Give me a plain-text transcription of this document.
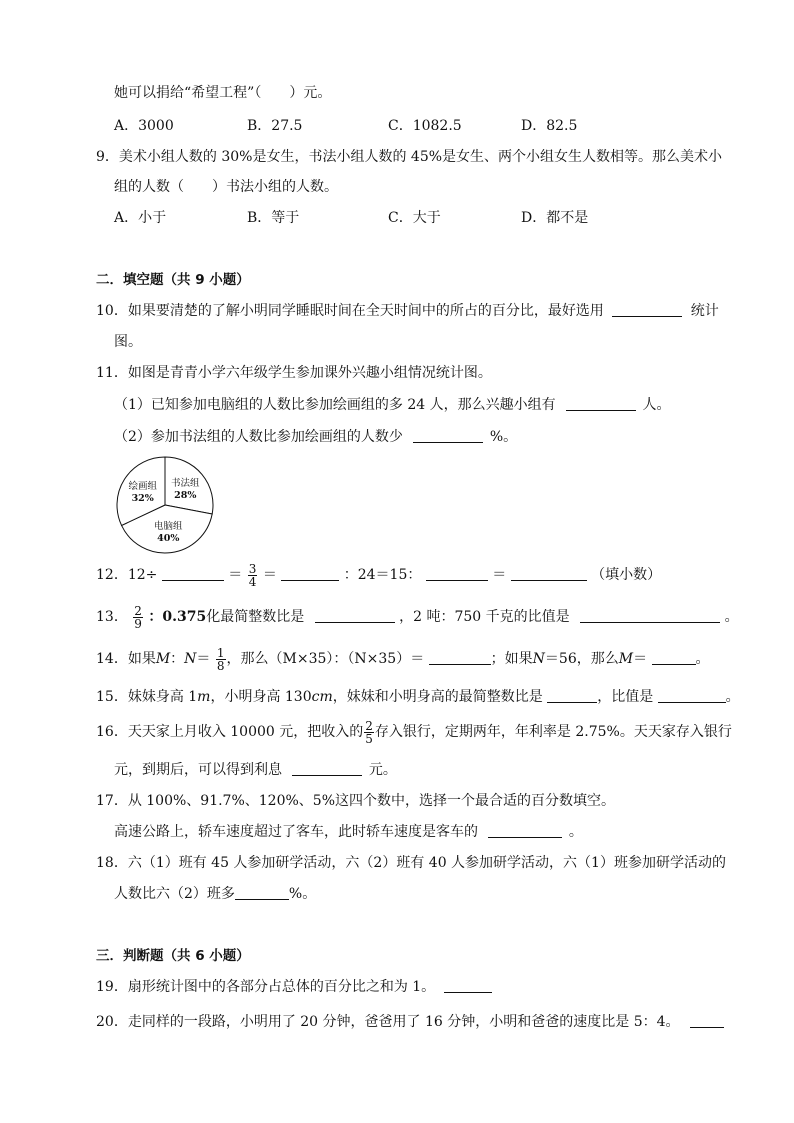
她可以捐给“希望工程”（　　）元。
A．3000	B．27.5	C．1082.5	D．82.5
9．美术小组人数的 30%是女生，书法小组人数的 45%是女生、两个小组女生人数相等。那么美术小
组的人数（　　）书法小组的人数。
A．小于	B．等于	C．大于	D．都不是
二．填空题（共 9 小题）
10．如果要清楚的了解小明同学睡眠时间在全天时间中的所占的百分比，最好选用	统计
图。
11．如图是青青小学六年级学生参加课外兴趣小组情况统计图。
（1）已知参加电脑组的人数比参加绘画组的多 24 人，那么兴趣小组有	人。
（2）参加书法组的人数比参加绘画组的人数少	%。
书法组
28%
电脑组
40%
绘画组
32%
12．12÷	＝ $\frac{3}{4}$ ＝	：24＝15：	＝	（填小数）
13． $\frac{2}{9}$ ：0.375化最简整数比是	，2 吨：750 千克的比值是	。
14．如果M：$N= \frac{1}{8}$ ，那么（M×35）：（N×35）＝	；如果N＝56，那么M＝	。
15．妹妹身高 1m，小明身高 130cm，妹妹和小明身高的最简整数比是	，比值是	。
16．天天家上月收入 10000 元，把收入的 $\frac{2}{5}$ 存入银行，定期两年，年利率是 2.75%。天天家存入银行
元，到期后，可以得到利息	元。
17．从 100%、91.7%、120%、5%这四个数中，选择一个最合适的百分数填空。
高速公路上，轿车速度超过了客车，此时轿车速度是客车的	。
18．六（1）班有 45 人参加研学活动，六（2）班有 40 人参加研学活动，六（1）班参加研学活动的
人数比六（2）班多	%。
三．判断题（共 6 小题）
19．扇形统计图中的各部分占总体的百分比之和为 1。
20．走同样的一段路，小明用了 20 分钟，爸爸用了 16 分钟，小明和爸爸的速度比是 5：4。
